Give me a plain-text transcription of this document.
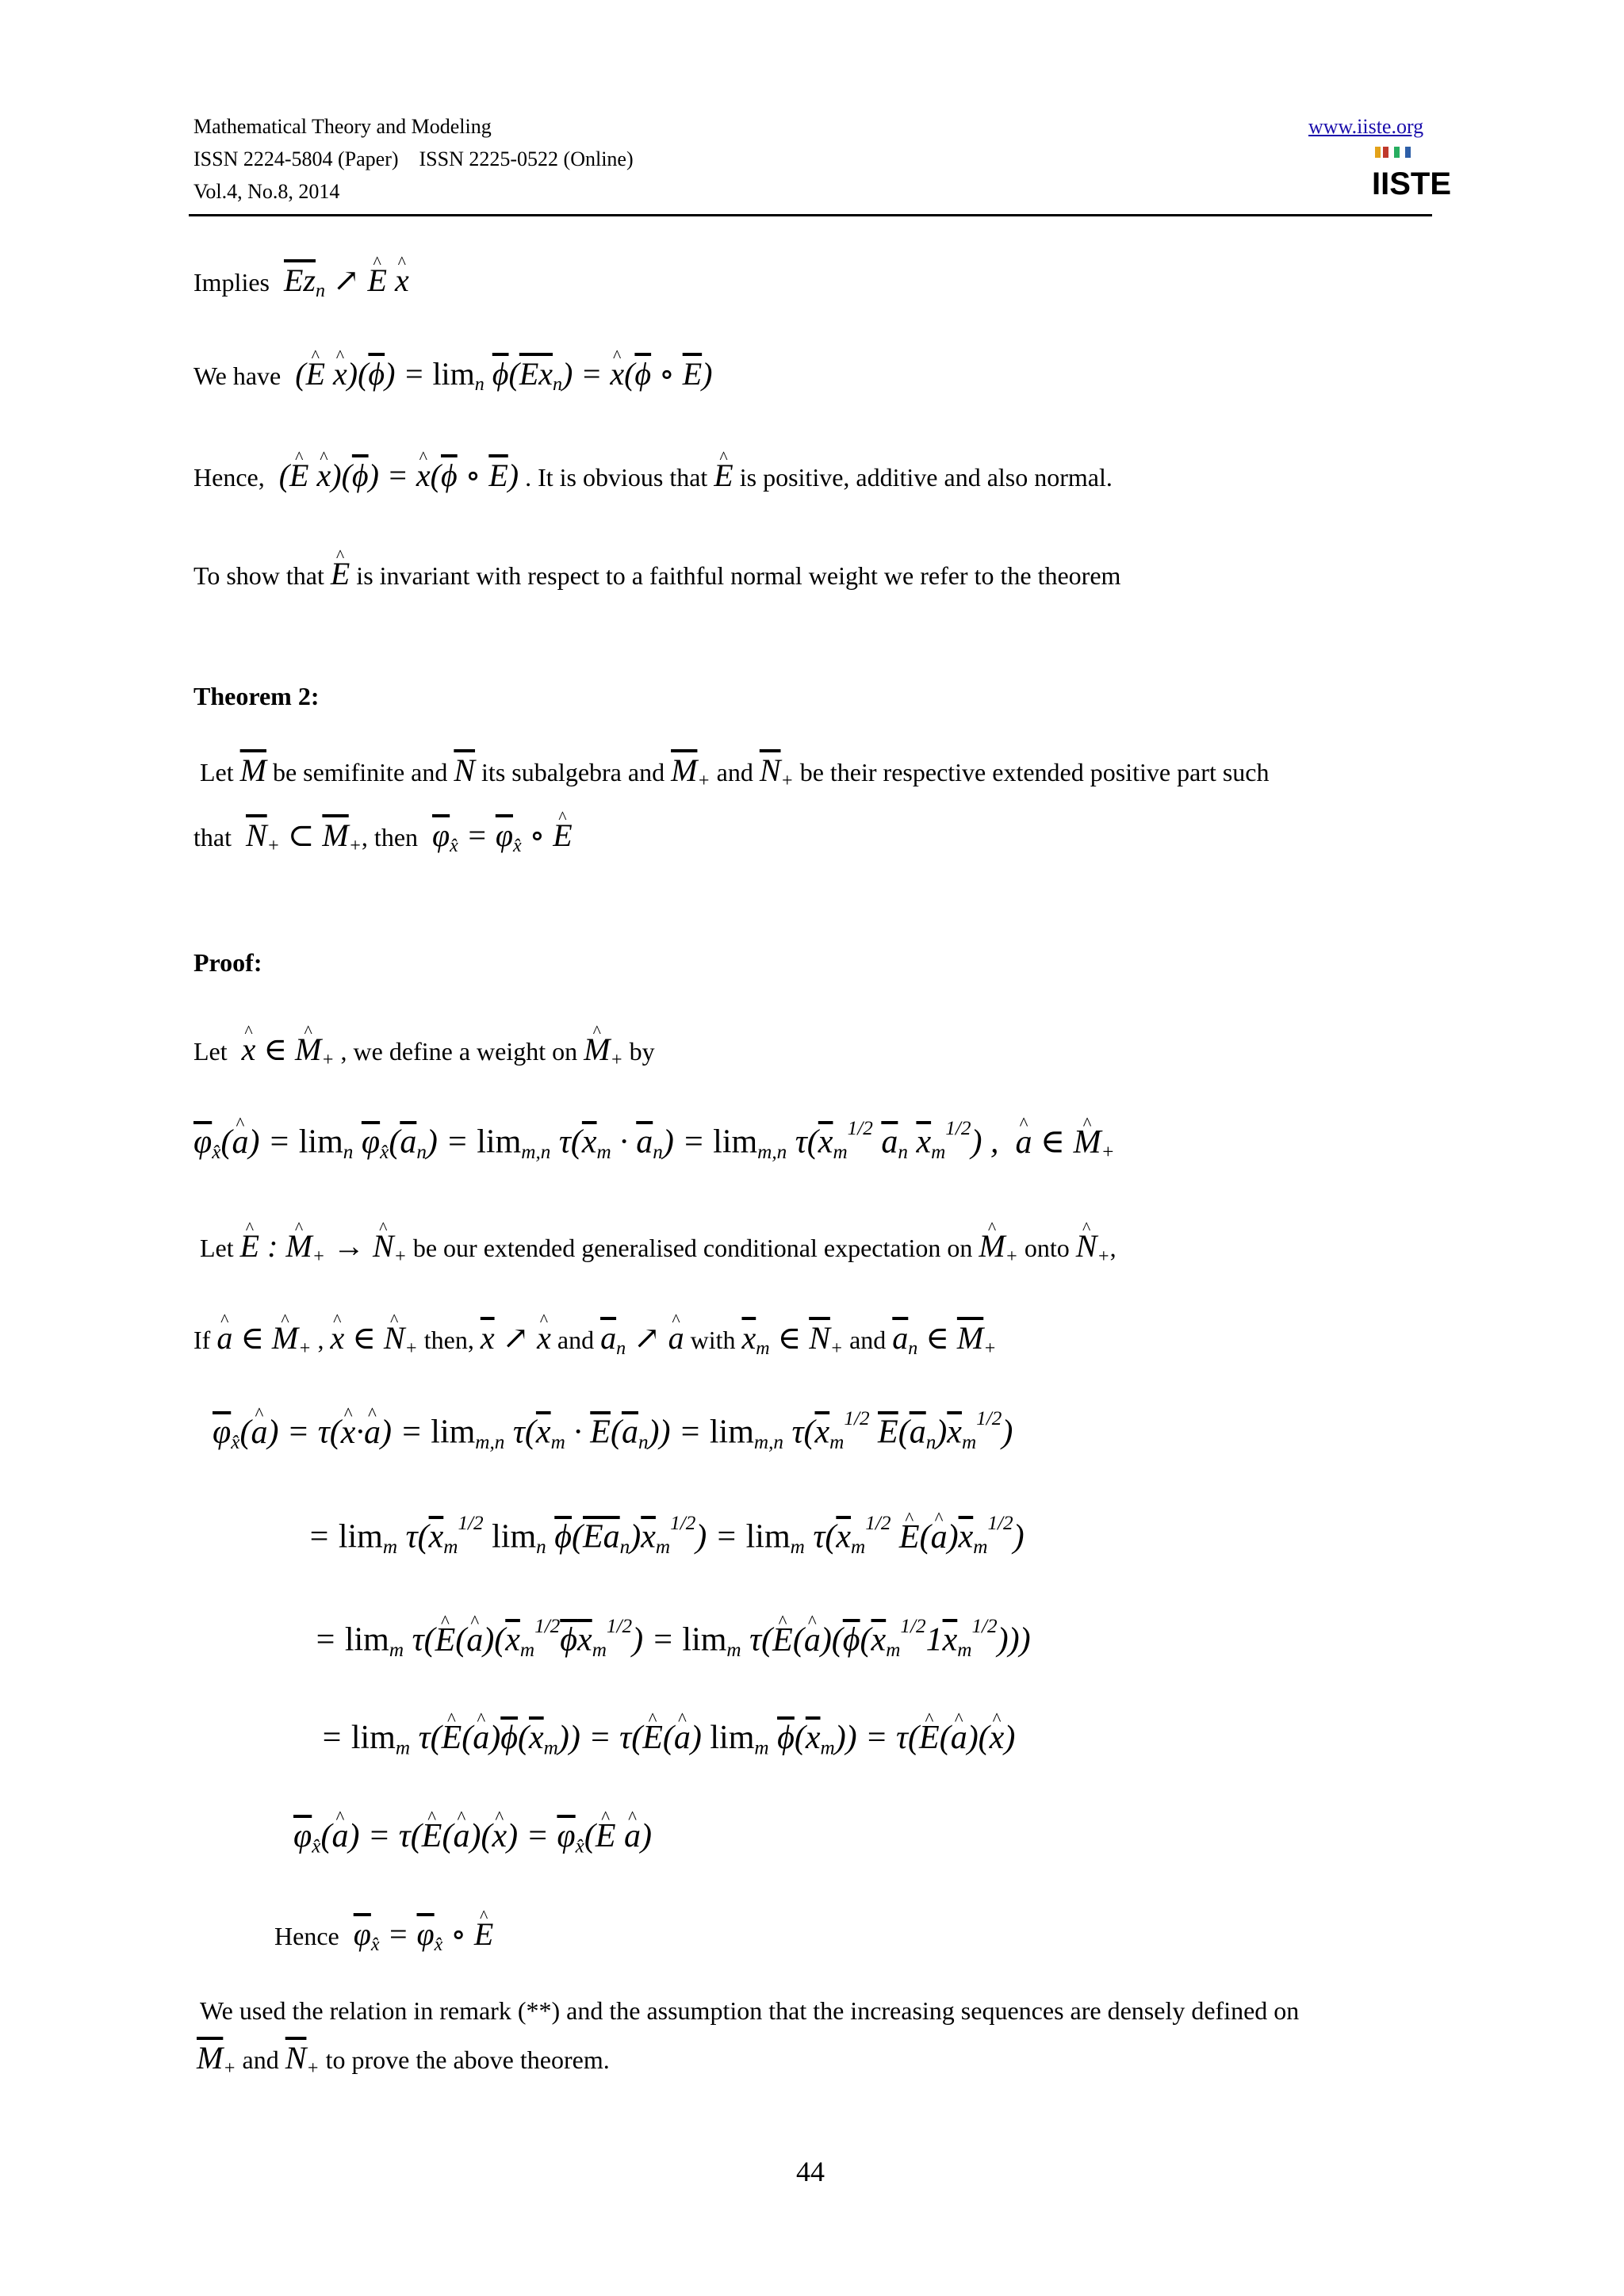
Mathematical Theory and Modeling
ISSN 2224-5804 (Paper)    ISSN 2225-0522 (Online)
Vol.4, No.8, 2014
www.iiste.org
IISTE
Implies $\overline{Ez}_n$ ↗ ^ E ^ x
We have  (^ E ^ $x)(\overline{\phi}) = \lim_n \overline{\phi}(\overline{Ex}_n)$ = ^ $x(\overline{\phi}$ ∘ $\overline{E}$)
Hence,  (^ E ^ $x)(\overline{\phi})$ = ^ $x(\overline{\phi}$ ∘ $\overline{E}$) . It is obvious that ^ E is positive, additive and also normal.
To show that ^ E is invariant with respect to a faithful normal weight we refer to the theorem
Theorem 2:
Let $\overline{M}$ be semifinite and $\overline{N}$ its subalgebra and $\overline{M}_+$ and $\overline{N}_+$ be their respective extended positive part such
that $\overline{N}_+$ ⊂ $\overline{M}_+$, then $\overline{\varphi}_{x̂} = \overline{\varphi}_{x̂}$ ∘ ^ E
Proof:
Let ^ x ∈ ^ $M_+$ , we define a weight on ^ $M_+$ by
$\overline{\varphi}_{x̂}(\^{}$ $a) = \lim_n \overline{\varphi}_{x̂}(\overline{a}_n) = \lim_{m,n} \tau(\overline{x}_m \cdot \overline{a}_n) = \lim_{m,n} \tau(\overline{x}_m^{1/2}$ $\overline{a}_n$ $\overline{x}_m^{1/2}$) ,  ^ a ∈ ^ $M_+$
Let ^ E : ^ $M_+$ → ^ $N_+$ be our extended generalised conditional expectation on ^ $M_+$ onto ^ $N_+$,
If ^ a ∈ ^ $M_+$ , ^ x ∈ ^ $N_+$ then, $\overline{x}$ ↗ ^ x and $\overline{a}_n$ ↗ ^ a with $\overline{x}_m$ ∈ $\overline{N}_+$ and $\overline{a}_n$ ∈ $\overline{M}_+$
$\overline{\varphi}_{x̂}(\^{}$ a) = τ(^ x·^ $a) = \lim_{m,n} \tau(\overline{x}_m \cdot \overline{E}(\overline{a}_n)) = \lim_{m,n} \tau(\overline{x}_m^{1/2}$ $\overline{E}(\overline{a}_n)\overline{x}_m^{1/2}$)
= $\lim_m \tau(\overline{x}_m^{1/2}$ $\lim_n \overline{\phi}(\overline{Ea}_n)\overline{x}_m^{1/2}) = \lim_m \tau(\overline{x}_m^{1/2}$ ^ E(^ $a)\overline{x}_m^{1/2}$)
= $\lim_m$ τ(^ E(^ $a)(\overline{x}_m^{1/2}\overline{\phi}\overline{x}_m^{1/2}) = \lim_m$ τ(^ E(^ $a)(\overline{\phi}(\overline{x}_m^{1/2}1\overline{x}_m^{1/2}))$)
= $\lim_m$ τ(^ E(^ $a)\overline{\phi}(\overline{x}_m)$) = τ(^ E(^ a) $\lim_m \overline{\phi}(\overline{x}_m)$) = τ(^ E(^ a)(^ x)
$\overline{\varphi}_{x̂}(\^{}$ a) = τ(^ E(^ a)(^ $x) = \overline{\varphi}_{x̂}(\^{}$ E ^ a)
Hence $\overline{\varphi}_{x̂} = \overline{\varphi}_{x̂}$ ∘ ^ E
We used the relation in remark (**) and the assumption that the increasing sequences are densely defined on
$\overline{M}_+$ and $\overline{N}_+$ to prove the above theorem.
44
